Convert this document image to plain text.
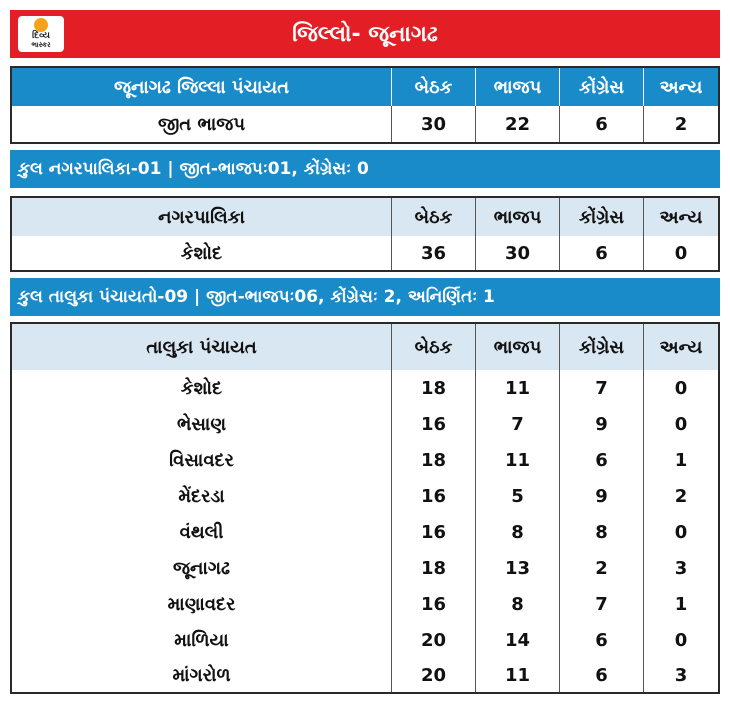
દિવ્ય
ભાસ્કર	જિલ્લો- જૂનાગઢ
જૂનાગઢ જિલ્લા પંચાયત	બેઠક	ભાજપ	કોંગ્રેસ	અન્ય
જીત ભાજપ	30	22	6	2
કુલ નગરપાલિકા-01 | જીત-ભાજપઃ01, કોંગ્રેસઃ 0
નગરપાલિકા	બેઠક	ભાજપ	કોંગ્રેસ	અન્ય
કેશોદ	36	30	6	0
કુલ તાલુકા પંચાયતો-09 | જીત-ભાજપઃ06, કોંગ્રેસઃ 2, અનિર્ણિતઃ 1
તાલુકા પંચાયત	બેઠક	ભાજપ	કોંગ્રેસ	અન્ય
કેશોદ	18	11	7	0
ભેસાણ	16	7	9	0
વિસાવદર	18	11	6	1
મેંદરડા	16	5	9	2
વંથલી	16	8	8	0
જૂનાગઢ	18	13	2	3
માણાવદર	16	8	7	1
માળિયા	20	14	6	0
માંગરોળ	20	11	6	3
